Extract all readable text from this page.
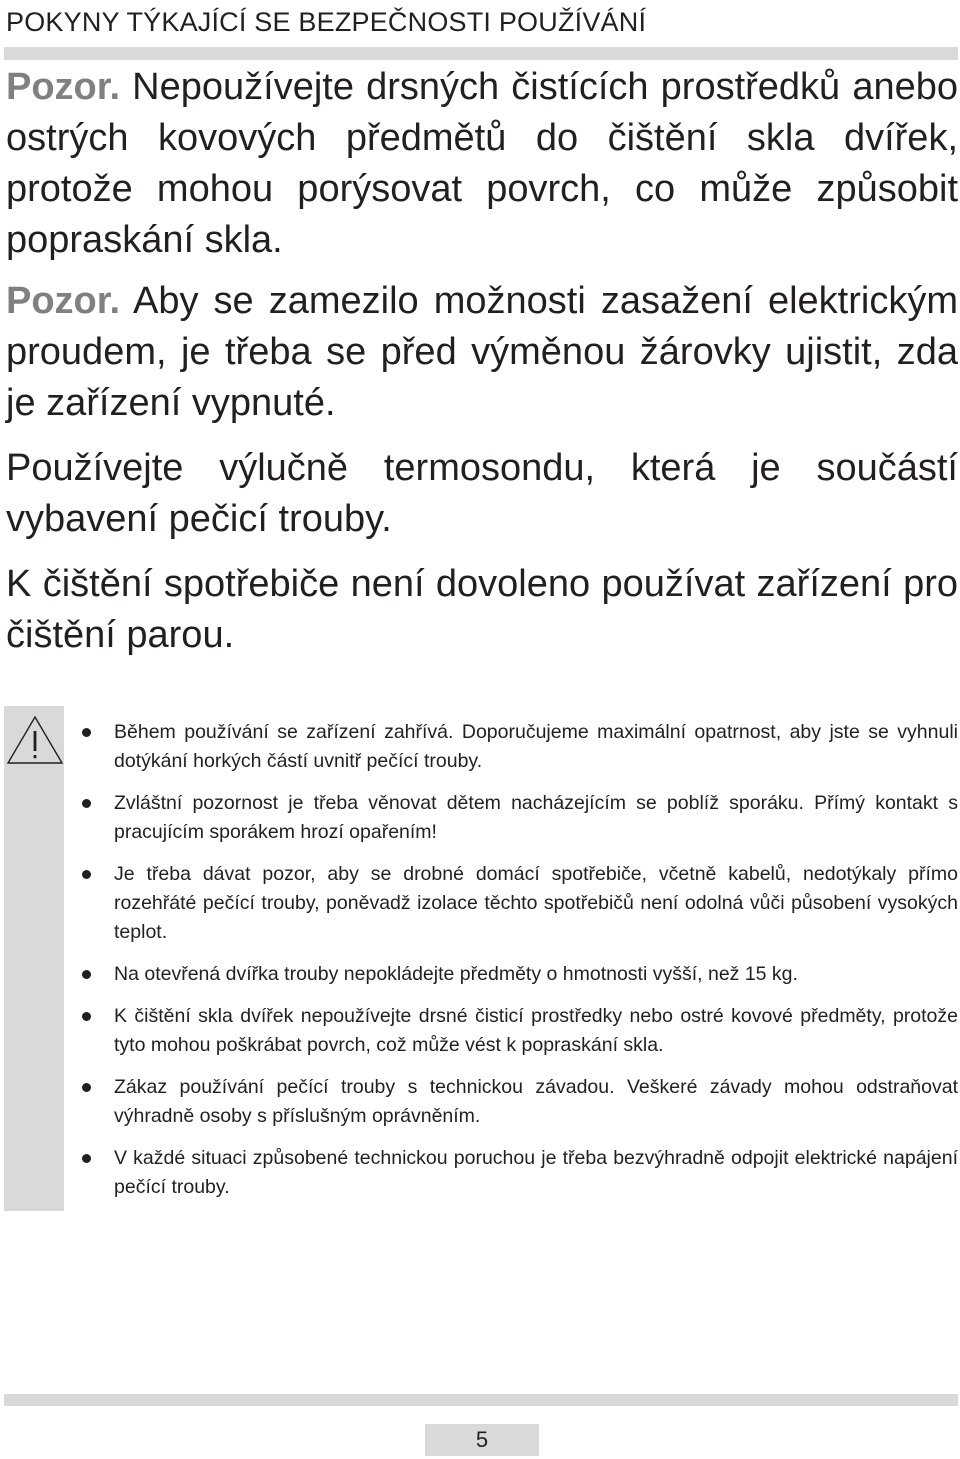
POKYNY TÝKAJÍCÍ SE BEZPEČNOSTI POUŽÍVÁNÍ

Pozor. Nepoužívejte drsných čistících prostředků anebo ostrých kovových předmětů do čištění skla dvířek, protože mohou porýsovat povrch, co může způsobit popraskání skla.

Pozor. Aby se zamezilo možnosti zasažení elektrickým proudem, je třeba se před výměnou žárovky ujistit, zda je zařízení vypnuté.

Používejte výlučně termosondu, která je součástí vybavení pečicí trouby.

K čištění spotřebiče není dovoleno používat zařízení pro čištění parou.

Během používání se zařízení zahřívá. Doporučujeme maximální opatrnost, aby jste se vyhnuli dotýkání horkých částí uvnitř pečící trouby.
Zvláštní pozornost je třeba věnovat dětem nacházejícím se poblíž sporáku. Přímý kontakt s pracujícím sporákem hrozí opařením!
Je třeba dávat pozor, aby se drobné domácí spotřebiče, včetně kabelů, nedotýkaly přímo rozehřáté pečící trouby, poněvadž izolace těchto spotřebičů není odolná vůči působení vysokých teplot.
Na otevřená dvířka trouby nepokládejte předměty o hmotnosti vyšší, než 15 kg.
K čištění skla dvířek nepoužívejte drsné čisticí prostředky nebo ostré kovové předměty, protože tyto mohou poškrábat povrch, což může vést k popraskání skla.
Zákaz používání pečící trouby s technickou závadou. Veškeré závady mohou odstraňovat výhradně osoby s příslušným oprávněním.
V každé situaci způsobené technickou poruchou je třeba bezvýhradně odpojit elektrické napájení pečící trouby.
5
